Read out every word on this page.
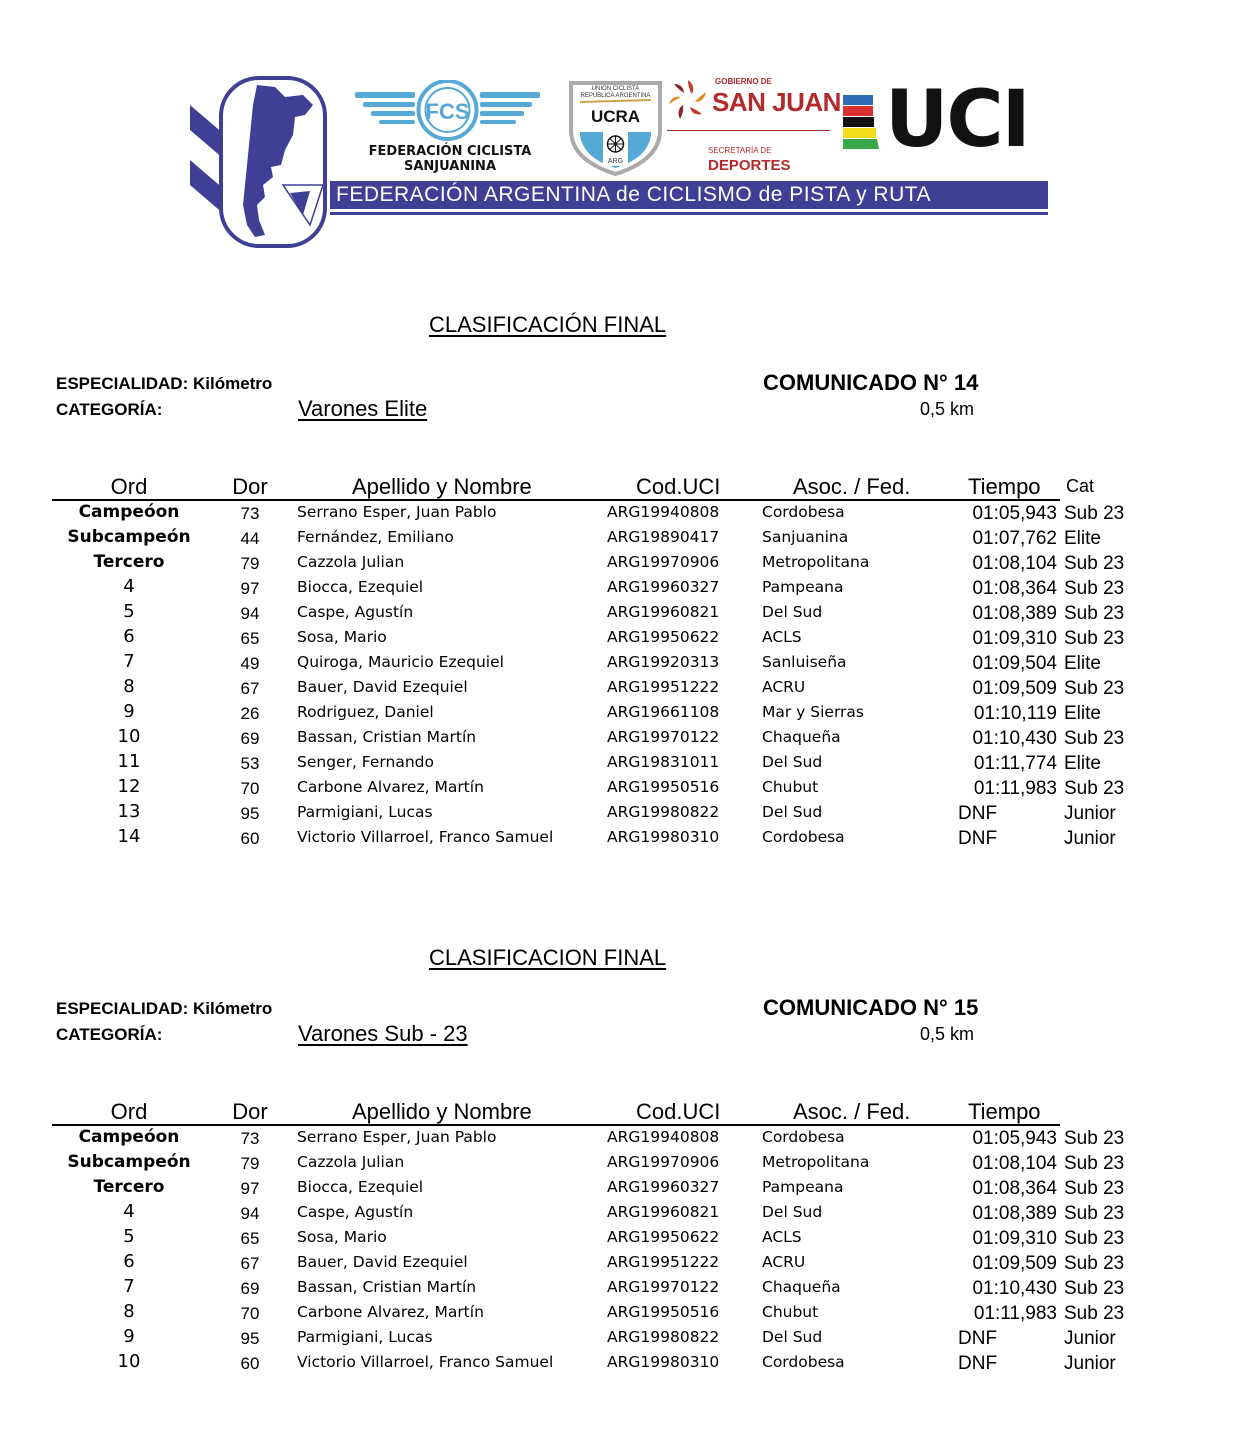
FCS
FEDERACIÓN CICLISTA
SANJUANINA
UNION CICLISTA
REPÚBLICA ARGENTINA
UCRA
ARG
GOBIERNO DE
SAN JUAN
SECRETARÍA DE
DEPORTES
UCI
FEDERACIÓN ARGENTINA de CICLISMO de PISTA y RUTA
CLASIFICACIÓN FINAL
ESPECIALIDAD: Kilómetro
CATEGORÍA:	Varones Elite
COMUNICADO N° 14
0,5 km
Ord	Dor	Apellido y Nombre	Cod.UCI	Asoc. / Fed.	Tiempo Cat
Campeóon	73	Serrano Esper, Juan Pablo	ARG19940808	Cordobesa	01:05,943 Sub 23
Subcampeón	44	Fernández, Emiliano	ARG19890417	Sanjuanina	01:07,762 Elite
Tercero	79	Cazzola Julian	ARG19970906	Metropolitana	01:08,104 Sub 23
4	97	Biocca, Ezequiel	ARG19960327	Pampeana	01:08,364 Sub 23
5	94	Caspe, Agustín	ARG19960821	Del Sud	01:08,389 Sub 23
6	65	Sosa, Mario	ARG19950622	ACLS	01:09,310 Sub 23
7	49	Quiroga, Mauricio Ezequiel	ARG19920313	Sanluiseña	01:09,504 Elite
8	67	Bauer, David Ezequiel	ARG19951222	ACRU	01:09,509 Sub 23
9	26	Rodriguez, Daniel	ARG19661108	Mar y Sierras	01:10,119 Elite
10	69	Bassan, Cristian Martín	ARG19970122	Chaqueña	01:10,430 Sub 23
11	53	Senger, Fernando	ARG19831011	Del Sud	01:11,774 Elite
12	70	Carbone Alvarez, Martín	ARG19950516	Chubut	01:11,983 Sub 23
13	95	Parmigiani, Lucas	ARG19980822	Del Sud	DNF	Junior
14	60	Victorio Villarroel, Franco Samuel	ARG19980310	Cordobesa	DNF	Junior
CLASIFICACION FINAL
ESPECIALIDAD: Kilómetro
CATEGORÍA:	Varones Sub - 23
COMUNICADO N° 15
0,5 km
Ord	Dor	Apellido y Nombre	Cod.UCI	Asoc. / Fed.	Tiempo
Campeóon	73	Serrano Esper, Juan Pablo	ARG19940808	Cordobesa	01:05,943 Sub 23
Subcampeón	79	Cazzola Julian	ARG19970906	Metropolitana	01:08,104 Sub 23
Tercero	97	Biocca, Ezequiel	ARG19960327	Pampeana	01:08,364 Sub 23
4	94	Caspe, Agustín	ARG19960821	Del Sud	01:08,389 Sub 23
5	65	Sosa, Mario	ARG19950622	ACLS	01:09,310 Sub 23
6	67	Bauer, David Ezequiel	ARG19951222	ACRU	01:09,509 Sub 23
7	69	Bassan, Cristian Martín	ARG19970122	Chaqueña	01:10,430 Sub 23
8	70	Carbone Alvarez, Martín	ARG19950516	Chubut	01:11,983 Sub 23
9	95	Parmigiani, Lucas	ARG19980822	Del Sud	DNF	Junior
10	60	Victorio Villarroel, Franco Samuel	ARG19980310	Cordobesa	DNF	Junior
